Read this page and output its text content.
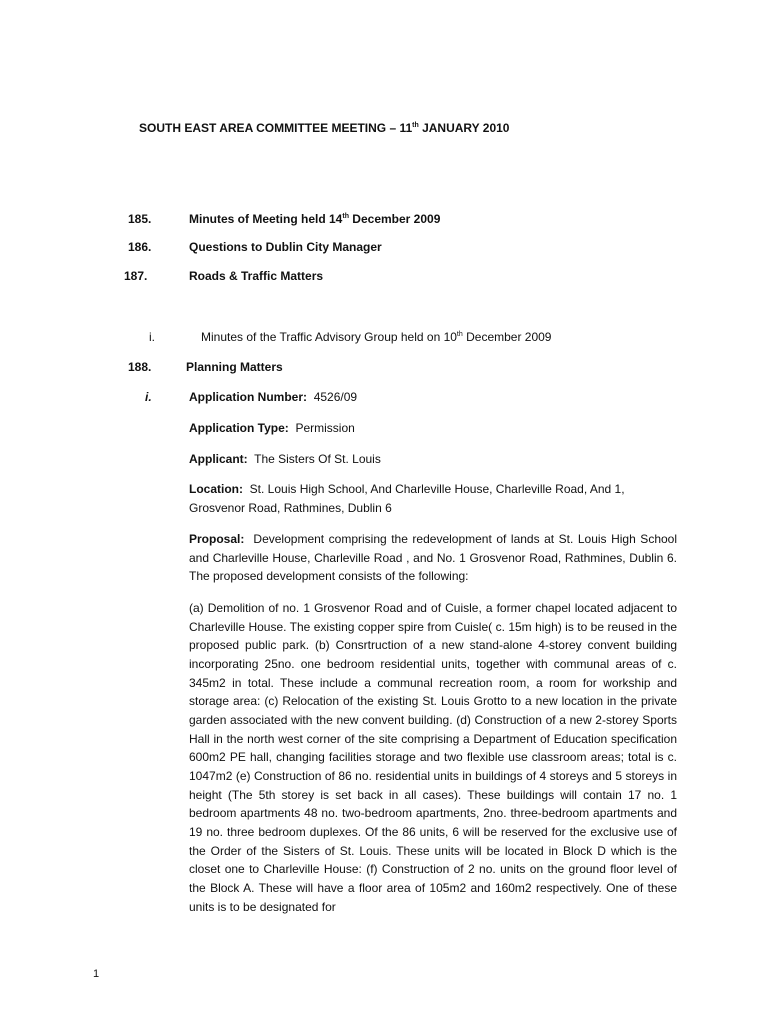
SOUTH EAST AREA COMMITTEE MEETING – 11th JANUARY 2010
185.	Minutes of Meeting held 14th December 2009
186.	Questions to Dublin City Manager
187.	Roads & Traffic Matters
i.	Minutes of the Traffic Advisory Group held on 10th December 2009
188.	Planning Matters
i.	Application Number: 4526/09
Application Type: Permission
Applicant: The Sisters Of St. Louis
Location: St. Louis High School, And Charleville House, Charleville Road, And 1, Grosvenor Road, Rathmines, Dublin 6
Proposal: Development comprising the redevelopment of lands at St. Louis High School and Charleville House, Charleville Road , and No. 1 Grosvenor Road, Rathmines, Dublin 6. The proposed development consists of the following:
(a) Demolition of no. 1 Grosvenor Road and of Cuisle, a former chapel located adjacent to Charleville House. The existing copper spire from Cuisle( c. 15m high) is to be reused in the proposed public park. (b) Consrtruction of a new stand-alone 4-storey convent building incorporating 25no. one bedroom residential units, together with communal areas of c. 345m2 in total. These include a communal recreation room, a room for workship and storage area: (c) Relocation of the existing St. Louis Grotto to a new location in the private garden associated with the new convent building. (d) Construction of a new 2-storey Sports Hall in the north west corner of the site comprising a Department of Education specification 600m2 PE hall, changing facilities storage and two flexible use classroom areas; total is c. 1047m2 (e) Construction of 86 no. residential units in buildings of 4 storeys and 5 storeys in height (The 5th storey is set back in all cases). These buildings will contain 17 no. 1 bedroom apartments 48 no. two-bedroom apartments, 2no. three-bedroom apartments and 19 no. three bedroom duplexes. Of the 86 units, 6 will be reserved for the exclusive use of the Order of the Sisters of St. Louis. These units will be located in Block D which is the closet one to Charleville House: (f) Construction of 2 no. units on the ground floor level of the Block A. These will have a floor area of 105m2 and 160m2 respectively. One of these units is to be designated for
1
